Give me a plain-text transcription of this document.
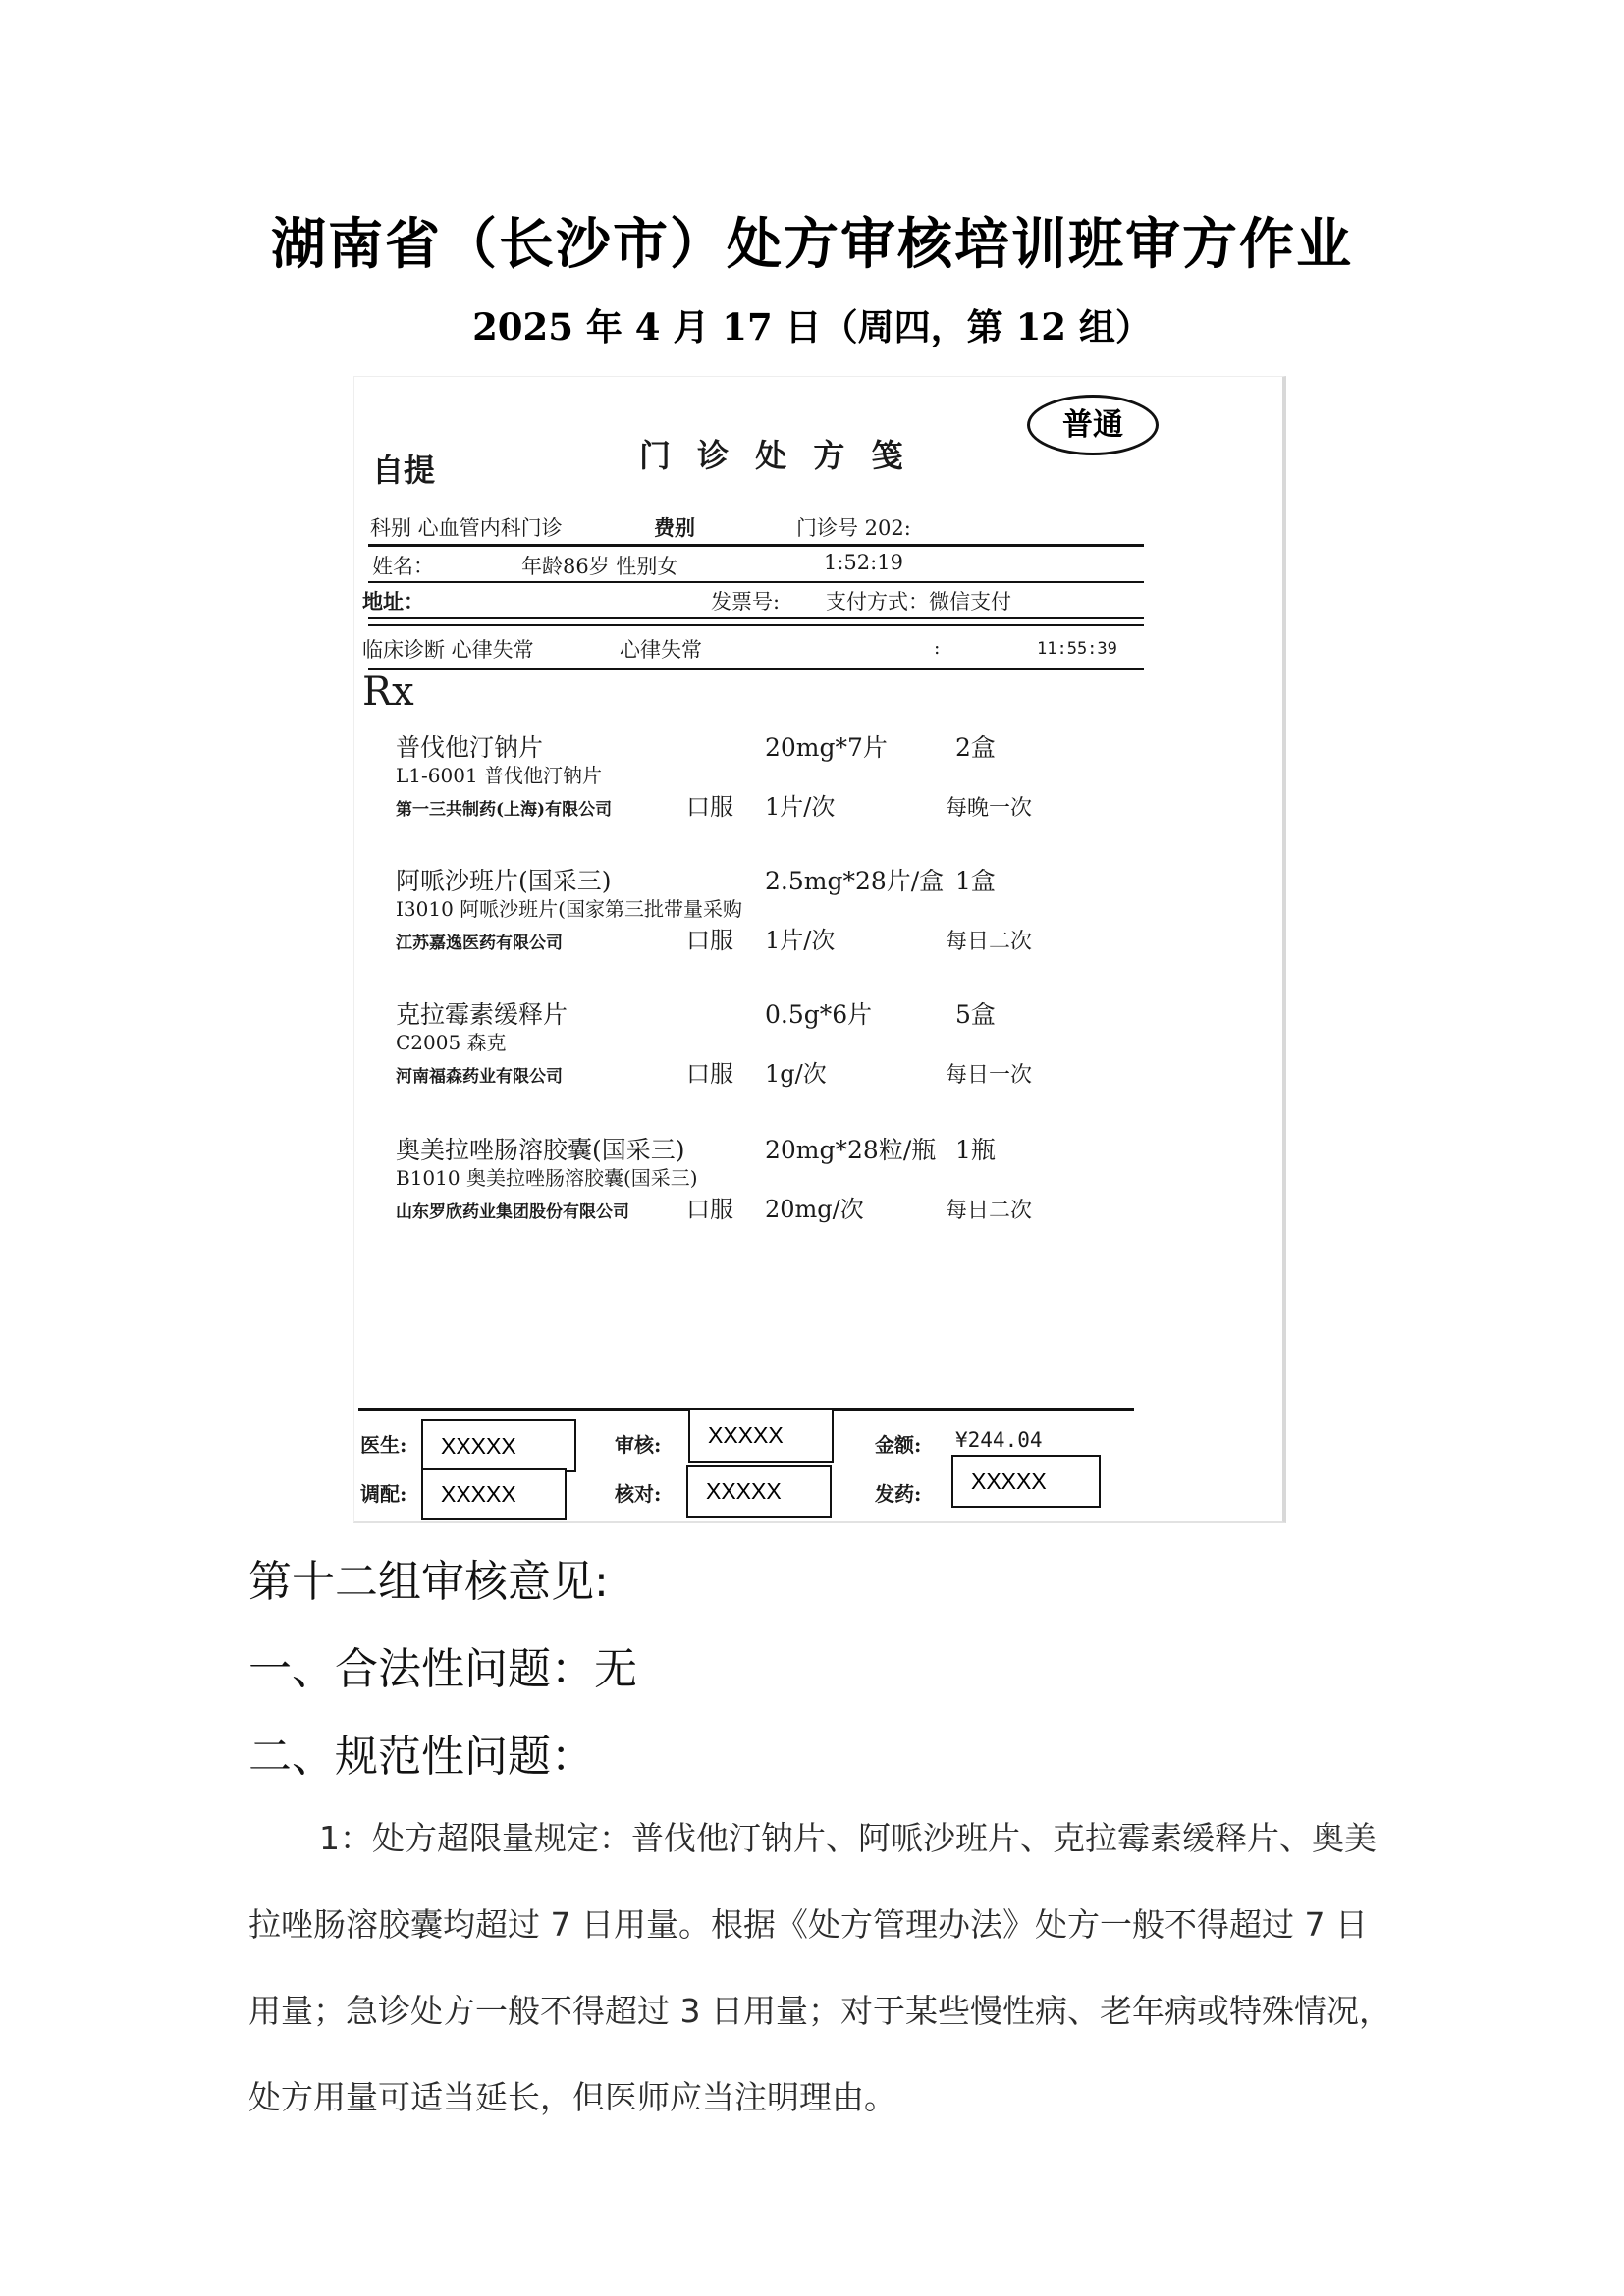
湖南省（长沙市）处方审核培训班审方作业
2025 年 4 月 17 日（周四，第 12 组）
自提	门 诊 处 方 笺
普通
科别 心血管内科门诊	费别	门诊号 202:
姓名：	年龄86岁 性别女	1:52:19
地址：	发票号: 支付方式：微信支付
临床诊断 心律失常	心律失常	:	11:55:39
Rx
普伐他汀钠片	20mg*7片	2盒
L1-6001 普伐他汀钠片
第一三共制药(上海)有限公司	口服 1片/次	每晚一次
阿哌沙班片(国采三)	2.5mg*28片/盒 1盒
I3010 阿哌沙班片(国家第三批带量采购
江苏嘉逸医药有限公司	口服 1片/次	每日二次
克拉霉素缓释片	0.5g*6片	5盒
C2005 森克
河南福森药业有限公司	口服 1g/次	每日一次
奥美拉唑肠溶胶囊(国采三)	20mg*28粒/瓶 1瓶
B1010 奥美拉唑肠溶胶囊(国采三)
山东罗欣药业集团股份有限公司 口服 20mg/次	每日二次
医生:	XXXXX	审核:	XXXXX	金额: ¥244.04
调配:	XXXXX	核对:	XXXXX	发药:	XXXXX
第十二组审核意见:
一、合法性问题：无
二、规范性问题：
1：处方超限量规定：普伐他汀钠片、阿哌沙班片、克拉霉素缓释片、奥美
拉唑肠溶胶囊均超过 7 日用量。根据《处方管理办法》处方一般不得超过 7 日
用量；急诊处方一般不得超过 3 日用量；对于某些慢性病、老年病或特殊情况，
处方用量可适当延长，但医师应当注明理由。
